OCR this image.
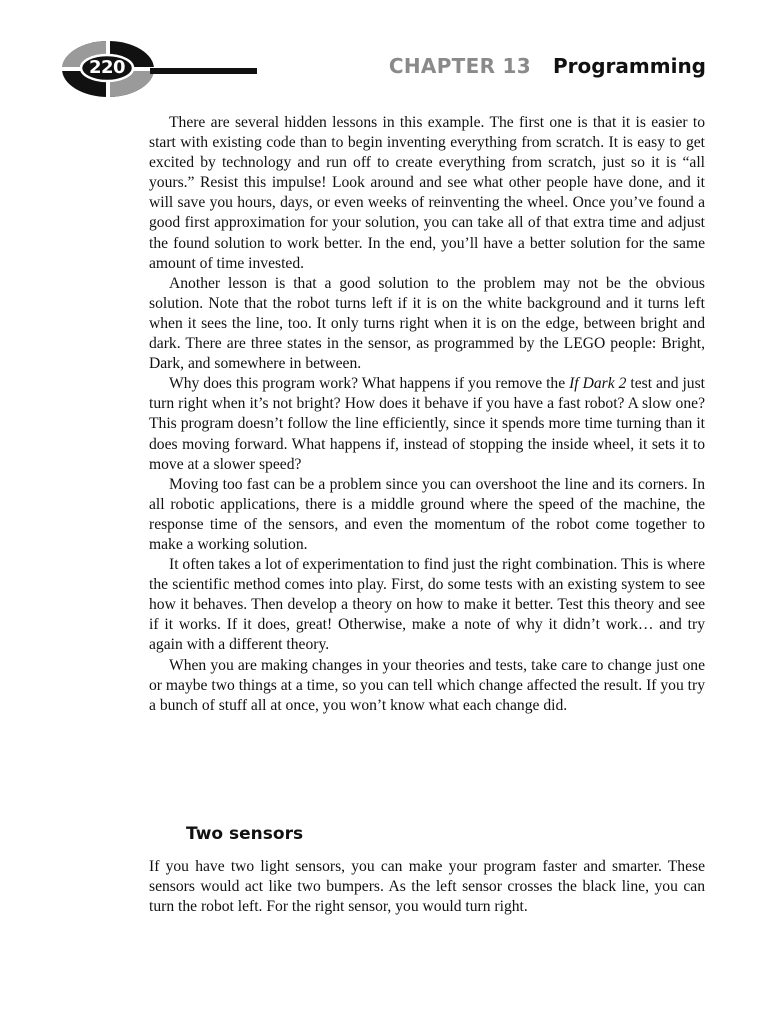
220	CHAPTER 13 Programming

There are several hidden lessons in this example. The first one is that it is easier to start with existing code than to begin inventing everything from scratch. It is easy to get excited by technology and run off to create everything from scratch, just so it is “all yours.” Resist this impulse! Look around and see what other people have done, and it will save you hours, days, or even weeks of reinventing the wheel. Once you’ve found a good first approximation for your solution, you can take all of that extra time and adjust the found solution to work better. In the end, you’ll have a better solution for the same amount of time invested.

Another lesson is that a good solution to the problem may not be the obvious solution. Note that the robot turns left if it is on the white background and it turns left when it sees the line, too. It only turns right when it is on the edge, between bright and dark. There are three states in the sensor, as programmed by the LEGO people: Bright, Dark, and somewhere in between.

Why does this program work? What happens if you remove the If Dark 2 test and just turn right when it’s not bright? How does it behave if you have a fast robot? A slow one? This program doesn’t follow the line efficiently, since it spends more time turning than it does moving forward. What happens if, instead of stopping the inside wheel, it sets it to move at a slower speed?

Moving too fast can be a problem since you can overshoot the line and its corners. In all robotic applications, there is a middle ground where the speed of the machine, the response time of the sensors, and even the momentum of the robot come together to make a working solution.

It often takes a lot of experimentation to find just the right combination. This is where the scientific method comes into play. First, do some tests with an existing system to see how it behaves. Then develop a theory on how to make it better. Test this theory and see if it works. If it does, great! Otherwise, make a note of why it didn’t work… and try again with a different theory.

When you are making changes in your theories and tests, take care to change just one or maybe two things at a time, so you can tell which change affected the result. If you try a bunch of stuff all at once, you won’t know what each change did.

Two sensors

If you have two light sensors, you can make your program faster and smarter. These sensors would act like two bumpers. As the left sensor crosses the black line, you can turn the robot left. For the right sensor, you would turn right.
